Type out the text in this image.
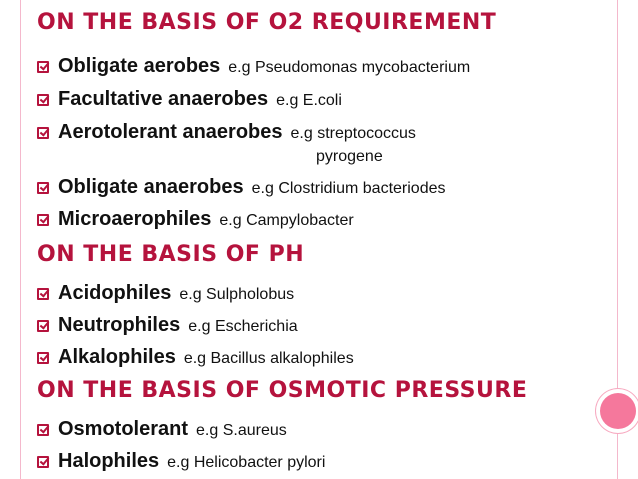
ON THE BASIS OF O2 REQUIREMENT
Obligate aerobes e.g Pseudomonas mycobacterium
Facultative anaerobes e.g E.coli
Aerotolerant anaerobes e.g streptococcus
pyrogene
Obligate anaerobes e.g Clostridium bacteriodes
Microaerophiles e.g Campylobacter
ON THE BASIS OF PH
Acidophiles e.g Sulpholobus
Neutrophiles e.g Escherichia
Alkalophiles e.g Bacillus alkalophiles
ON THE BASIS OF OSMOTIC PRESSURE
Osmotolerant e.g S.aureus
Halophiles e.g Helicobacter pylori
